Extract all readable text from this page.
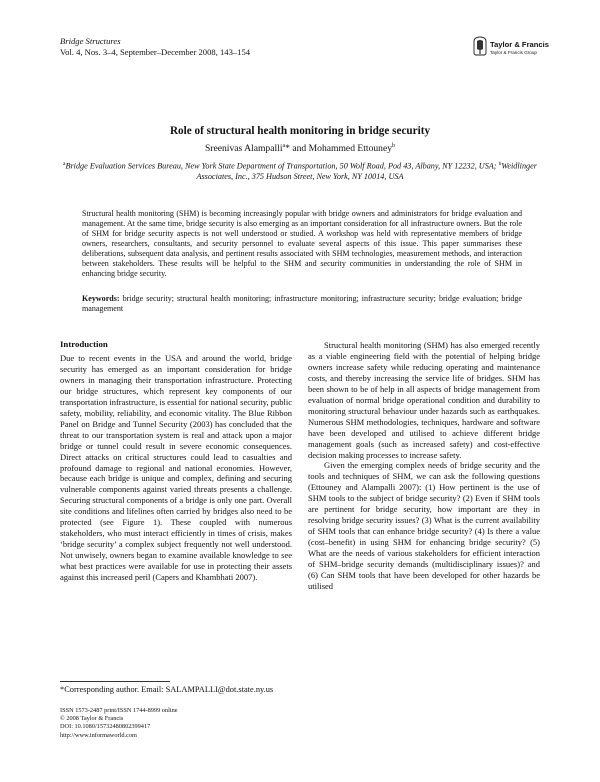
Bridge Structures
Vol. 4, Nos. 3–4, September–December 2008, 143–154
Taylor & Francis
Taylor & Francis Group
Role of structural health monitoring in bridge security
Sreenivas Alampalli$^a$* and Mohammed Ettouney$^b$
$^a$Bridge Evaluation Services Bureau, New York State Department of Transportation, 50 Wolf Road, Pod 43, Albany, NY 12232, USA; $^b$Weidlinger Associates, Inc., 375 Hudson Street, New York, NY 10014, USA
Structural health monitoring (SHM) is becoming increasingly popular with bridge owners and administrators for bridge evaluation and management. At the same time, bridge security is also emerging as an important consideration for all infrastructure owners. But the role of SHM for bridge security aspects is not well understood or studied. A workshop was held with representative members of bridge owners, researchers, consultants, and security personnel to evaluate several aspects of this issue. This paper summarises these deliberations, subsequent data analysis, and pertinent results associated with SHM technologies, measurement methods, and interaction between stakeholders. These results will be helpful to the SHM and security communities in understanding the role of SHM in enhancing bridge security.
Keywords: bridge security; structural health monitoring; infrastructure monitoring; infrastructure security; bridge evaluation; bridge management
Introduction

Due to recent events in the USA and around the world, bridge security has emerged as an important consideration for bridge owners in managing their transportation infrastructure. Protecting our bridge structures, which represent key components of our transportation infrastructure, is essential for national security, public safety, mobility, reliability, and economic vitality. The Blue Ribbon Panel on Bridge and Tunnel Security (2003) has concluded that the threat to our transportation system is real and attack upon a major bridge or tunnel could result in severe economic consequences. Direct attacks on critical structures could lead to casualties and profound damage to regional and national economies. However, because each bridge is unique and complex, defining and securing vulnerable components against varied threats presents a challenge. Securing structural components of a bridge is only one part. Overall site conditions and lifelines often carried by bridges also need to be protected (see Figure 1). These coupled with numerous stakeholders, who must interact efficiently in times of crisis, makes ‘bridge security’ a complex subject frequently not well understood. Not unwisely, owners began to examine available knowledge to see what best practices were available for use in protecting their assets against this increased peril (Capers and Khambhati 2007).

Structural health monitoring (SHM) has also emerged recently as a viable engineering field with the potential of helping bridge owners increase safety while reducing operating and maintenance costs, and thereby increasing the service life of bridges. SHM has been shown to be of help in all aspects of bridge management from evaluation of normal bridge operational condition and durability to monitoring structural behaviour under hazards such as earthquakes. Numerous SHM methodologies, techniques, hardware and software have been developed and utilised to achieve different bridge management goals (such as increased safety) and cost-effective decision making processes to increase safety.

Given the emerging complex needs of bridge security and the tools and techniques of SHM, we can ask the following questions (Ettouney and Alampalli 2007): (1) How pertinent is the use of SHM tools to the subject of bridge security? (2) Even if SHM tools are pertinent for bridge security, how important are they in resolving bridge security issues? (3) What is the current availability of SHM tools that can enhance bridge security? (4) Is there a value (cost–benefit) in using SHM for enhancing bridge security? (5) What are the needs of various stakeholders for efficient interaction of SHM–bridge security demands (multidisciplinary issues)? and (6) Can SHM tools that have been developed for other hazards be utilised

*Corresponding author. Email: SALAMPALLI@dot.state.ny.us
ISSN 1573-2487 print/ISSN 1744-8999 online
© 2008 Taylor & Francis
DOI: 10.1080/15732480802399417
http://www.informaworld.com
